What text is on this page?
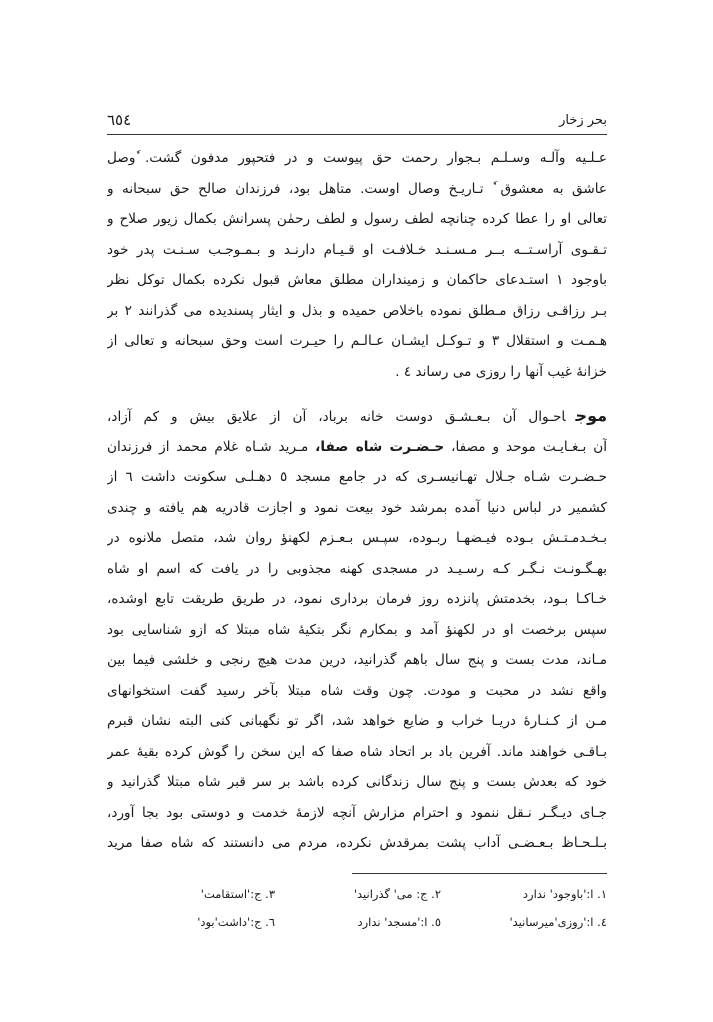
٦٥٤	بحر زخار
عـلـیه وآلـه وسـلـم بـجوار رحمت حق پیوست و در فتحپور مدفون گشت. ٗوصل
عاشق به معشوق ٗ تـاریـخ وصال اوست. متاهل بود، فرزندان صالح حق سبحانه و
تعالی او را عطا کرده چنانچه لطف رسول و لطف رحمٰن پسرانش بکمال زیور صلاح و
تـقـوی آراسـتــه بــر مـسـنـد خـلافـت او قـیـام دارنـد و بـمـوجـب سـنـت پدر خود
باوجود ١ استـدعای حاکمان و زمینداران مطلق معاش قبول نکرده بکمال توکل نظر
بـر رزاقـی رزاق مـطلق نموده باخلاص حمیده و بذل و ایثار پسندیده می گذرانند ٢ بر
هـمـت و استقلال ٣ و تـوکـل ایشـان عـالـم را حیـرت است وحق سبحانه و تعالی از
خزانهٔ غیب آنها را روزی می رساند ٤ .
موجاحـوال آن بـعـشـق دوست خانه برباد، آن از علایق بیش و کم آزاد،
آن بـغـایـت موحد و مصفا، حـضـرت شاه صفا، مـرید شـاه غلام محمد از فرزندان
حـضـرت شـاه جـلال تهـانیسـری که در جامع مسجد ٥ دهـلـی سکونت داشت ٦ از
کشمیر در لباس دنیا آمده بمرشد خود بیعت نمود و اجازت قادریه هم یافته و چندی
بـخـدمـتـش بـوده فیـضهـا ربـوده، سپـس بـعـزم لکهنؤ روان شد، متصل ملانوه در
بهـگـونـت نـگـر کـه رسـیـد در مسجدی کهنه مجذوبی را در یافت که اسم او شاه
خـاکـا بـود، بخدمتش پانزده روز فرمان برداری نمود، در طریق طریقت تابع اوشده،
سپس برخصت او در لکهنؤ آمد و بمکارم نگر بتکیهٔ شاه مبتلا که ازو شناسایی بود
مـاند، مدت بست و پنج سال باهم گذرانید، درین مدت هیچ رنجی و خلشی فیما بین
واقع نشد در محبت و مودت. چون وقت شاه مبتلا بآخر رسید گفت استخوانهای
مـن از کـنـارهٔ دریـا خراب و ضایع خواهد شد، اگر تو نگهبانی کنی البته نشان قبرم
بـاقـی خواهند ماند. آفرین باد بر اتحاد شاه صفا که این سخن را گوش کرده بقیهٔ عمر
خود که بعدش بست و پنج سال زندگانی کرده باشد بر سر قبر شاه مبتلا گذرانید و
جـای دیـگـر نـقل ننمود و احترام مزارش آنچه لازمهٔ خدمت و دوستی بود بجا آورد،
بـلـحـاظ بـعـضـی آداب پشت بمرقدش نکرده، مردم می دانستند که شاه صفا مرید
١. ا:'باوجود' ندارد
٢. ج: می' گذرانید'
٣. ج:'استقامت'
٤. ا:'روزی'میرسانید'
٥. ا:'مسجد' ندارد
٦. ج:'داشت'بود'
